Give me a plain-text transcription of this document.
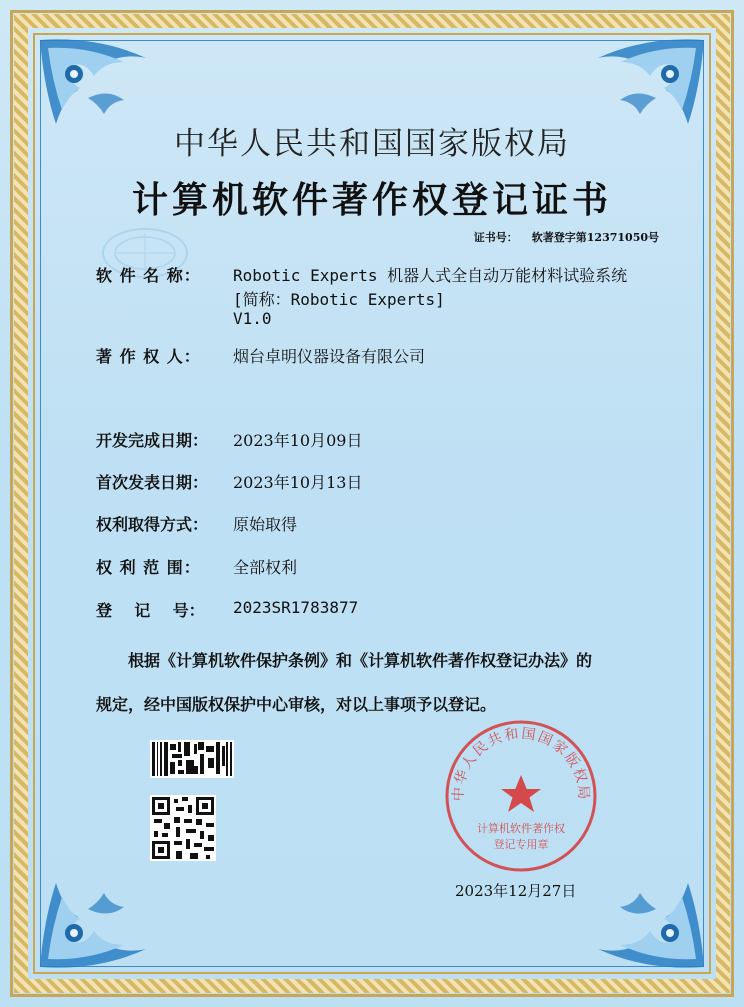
中华人民共和国国家版权局
计算机软件著作权登记证书
证书号： 软著登字第12371050号
软 件 名 称： Robotic Experts 机器人式全自动万能材料试验系统
[简称：Robotic Experts]
V1.0
著 作 权 人： 烟台卓明仪器设备有限公司
开发完成日期： 2023年10月09日
首次发表日期： 2023年10月13日
权利取得方式： 原始取得
权 利 范 围： 全部权利
登    记    号： 2023SR1783877
根据《计算机软件保护条例》和《计算机软件著作权登记办法》的
规定，经中国版权保护中心审核，对以上事项予以登记。
中华人民共和国国家版权局
计算机软件著作权
登记专用章
2023年12月27日
